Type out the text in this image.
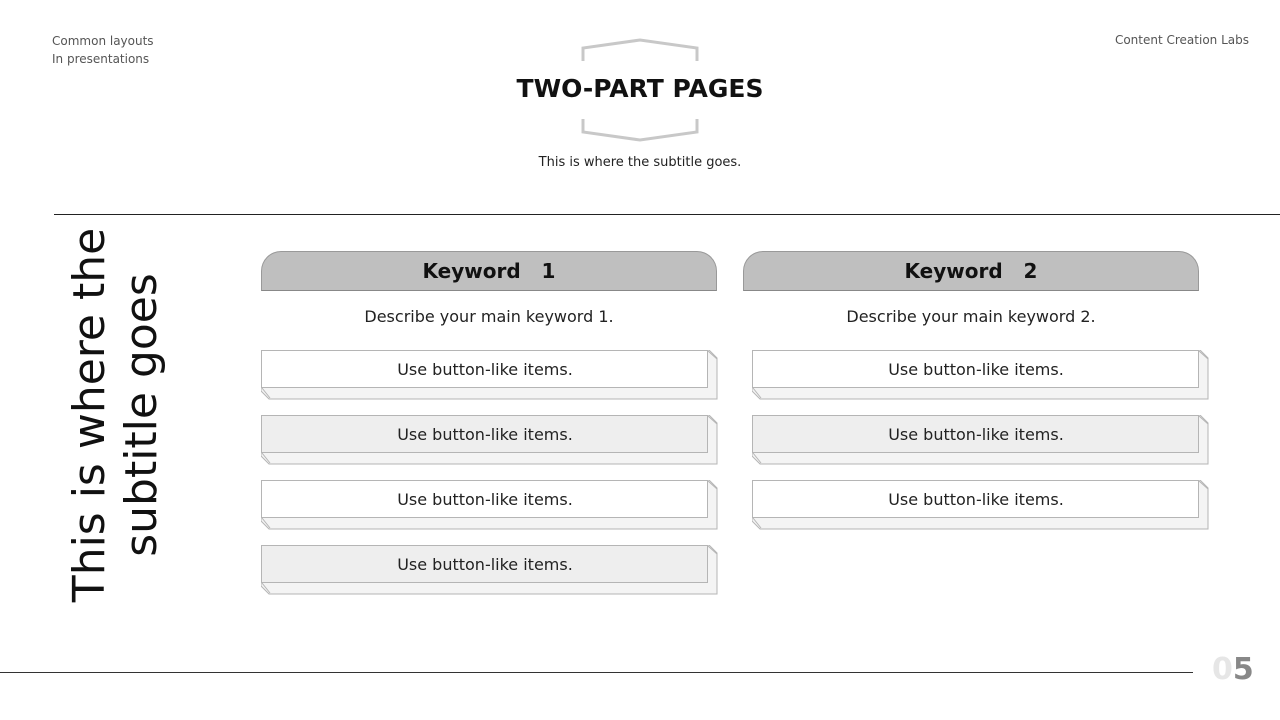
Common layouts
In presentations
Content Creation Labs
TWO-PART PAGES
This is where the subtitle goes.
This is where the subtitle goes
Keyword   1
Describe your main keyword 1.
Use button-like items.
Use button-like items.
Use button-like items.
Use button-like items.
Keyword   2
Describe your main keyword 2.
Use button-like items.
Use button-like items.
Use button-like items.
05
